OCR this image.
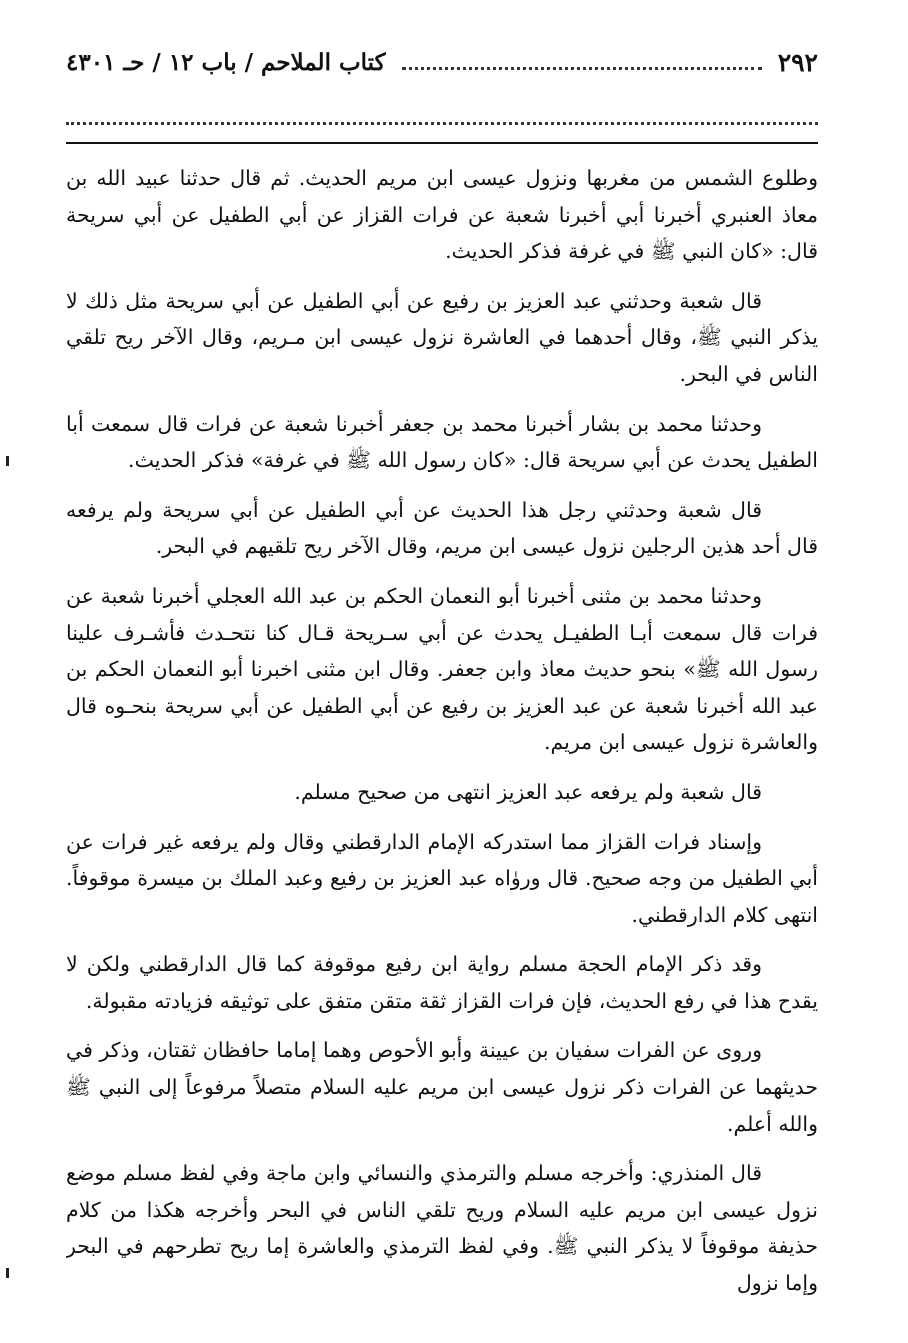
٢٩٢
كتاب الملاحم / باب ١٢ / حـ ٤٣٠١

وطلوع الشمس من مغربها ونزول عيسى ابن مريم الحديث. ثم قال حدثنا عبيد الله بن معاذ العنبري أخبرنا أبي أخبرنا شعبة عن فرات القزاز عن أبي الطفيل عن أبي سريحة قال: «كان النبي ﷺ في غرفة فذكر الحديث.

قال شعبة وحدثني عبد العزيز بن رفيع عن أبي الطفيل عن أبي سريحة مثل ذلك لا يذكر النبي ﷺ، وقال أحدهما في العاشرة نزول عيسى ابن مـريم، وقال الآخر ريح تلقي الناس في البحر.

وحدثنا محمد بن بشار أخبرنا محمد بن جعفر أخبرنا شعبة عن فرات قال سمعت أبا الطفيل يحدث عن أبي سريحة قال: «كان رسول الله ﷺ في غرفة» فذكر الحديث.

قال شعبة وحدثني رجل هذا الحديث عن أبي الطفيل عن أبي سريحة ولم يرفعه قال أحد هذين الرجلين نزول عيسى ابن مريم، وقال الآخر ريح تلقيهم في البحر.

وحدثنا محمد بن مثنى أخبرنا أبو النعمان الحكم بن عبد الله العجلي أخبرنا شعبة عن فرات قال سمعت أبـا الطفيـل يحدث عن أبي سـريحة قـال كنا نتحـدث فأشـرف علينا رسول الله ﷺ» بنحو حديث معاذ وابن جعفر. وقال ابن مثنى اخبرنا أبو النعمان الحكم بن عبد الله أخبرنا شعبة عن عبد العزيز بن رفيع عن أبي الطفيل عن أبي سريحة بنحـوه قال والعاشرة نزول عيسى ابن مريم.

قال شعبة ولم يرفعه عبد العزيز انتهى من صحيح مسلم.

وإسناد فرات القزاز مما استدركه الإمام الدارقطني وقال ولم يرفعه غير فرات عن أبي الطفيل من وجه صحيح. قال وروٰاه عبد العزيز بن رفيع وعبد الملك بن ميسرة موقوفاً. انتهى كلام الدارقطني.

وقد ذكر الإمام الحجة مسلم رواية ابن رفيع موقوفة كما قال الدارقطني ولكن لا يقدح هذا في رفع الحديث، فإن فرات القزاز ثقة متقن متفق على توثيقه فزيادته مقبولة.

وروى عن الفرات سفيان بن عيينة وأبو الأحوص وهما إماما حافظان ثقتان، وذكر في حديثهما عن الفرات ذكر نزول عيسى ابن مريم عليه السلام متصلاً مرفوعاً إلى النبي ﷺ والله أعلم.

قال المنذري: وأخرجه مسلم والترمذي والنسائي وابن ماجة وفي لفظ مسلم موضع نزول عيسى ابن مريم عليه السلام وريح تلقي الناس في البحر وأخرجه هكذا من كلام حذيفة موقوفاً لا يذكر النبي ﷺ. وفي لفظ الترمذي والعاشرة إما ريح تطرحهم في البحر وإما نزول
